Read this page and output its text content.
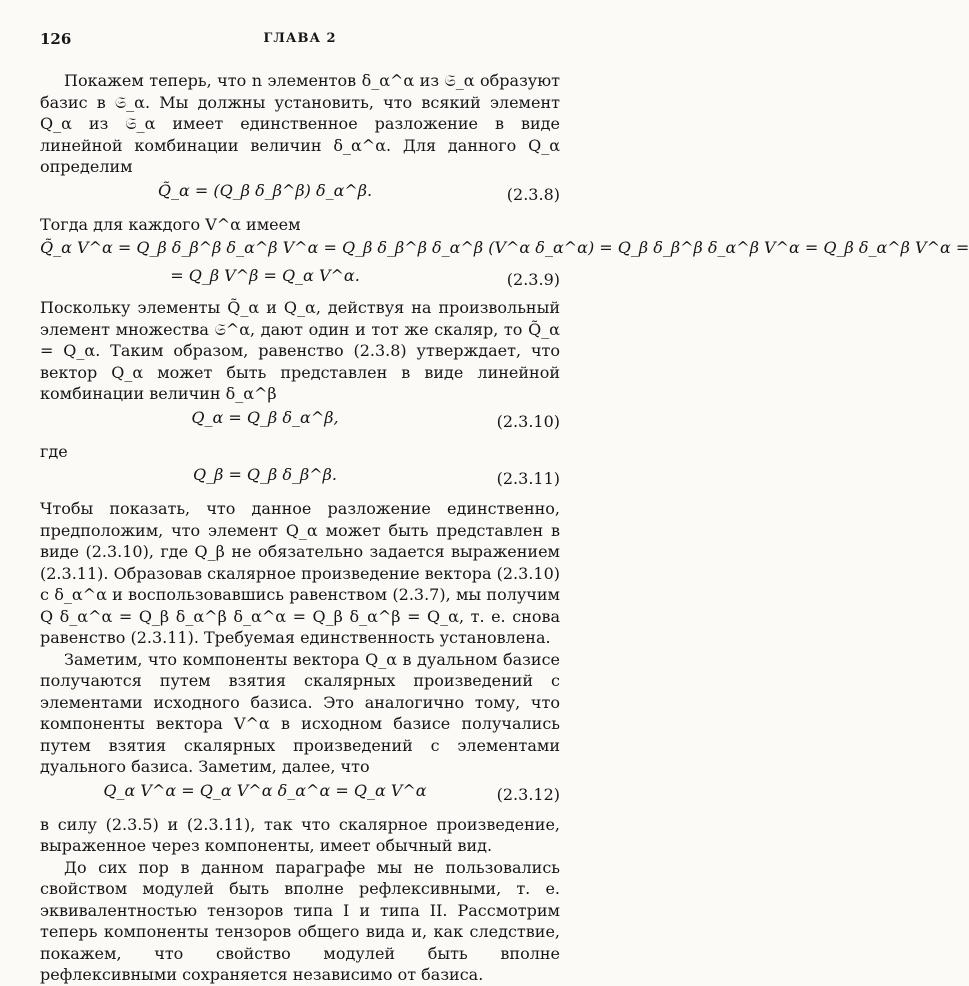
126	ГЛАВА 2

Покажем теперь, что n элементов δ_α^α из 𝔖_α образуют базис в 𝔖_α. Мы должны установить, что всякий элемент Q_α из 𝔖_α имеет единственное разложение в виде линейной комбинации величин δ_α^α. Для данного Q_α определим

Q̃_α = (Q_β δ_β^β) δ_α^β.	(2.3.8)

Тогда для каждого V^α имеем

Q̃_α V^α = Q_β δ_β^β δ_α^β V^α = Q_β δ_β^β δ_α^β (V^α δ_α^α) = Q_β δ_β^β δ_α^β V^α = Q_β δ_α^β V^α =
= Q_β V^β = Q_α V^α.	(2.3.9)

Поскольку элементы Q̃_α и Q_α, действуя на произвольный элемент множества 𝔖^α, дают один и тот же скаляр, то Q̃_α = Q_α. Таким образом, равенство (2.3.8) утверждает, что вектор Q_α может быть представлен в виде линейной комбинации величин δ_α^β

Q_α = Q_β δ_α^β,	(2.3.10)

где

Q_β = Q_β δ_β^β.	(2.3.11)

Чтобы показать, что данное разложение единственно, предположим, что элемент Q_α может быть представлен в виде (2.3.10), где Q_β не обязательно задается выражением (2.3.11). Образовав скалярное произведение вектора (2.3.10) с δ_α^α и воспользовавшись равенством (2.3.7), мы получим Q δ_α^α = Q_β δ_α^β δ_α^α = Q_β δ_α^β = Q_α, т. е. снова равенство (2.3.11). Требуемая единственность установлена.

Заметим, что компоненты вектора Q_α в дуальном базисе получаются путем взятия скалярных произведений с элементами исходного базиса. Это аналогично тому, что компоненты вектора V^α в исходном базисе получались путем взятия скалярных произведений с элементами дуального базиса. Заметим, далее, что

Q_α V^α = Q_α V^α δ_α^α = Q_α V^α	(2.3.12)

в силу (2.3.5) и (2.3.11), так что скалярное произведение, выраженное через компоненты, имеет обычный вид.

До сих пор в данном параграфе мы не пользовались свойством модулей быть вполне рефлексивными, т. е. эквивалентностью тензоров типа I и типа II. Рассмотрим теперь компоненты тензоров общего вида и, как следствие, покажем, что свойство модулей быть вполне рефлексивными сохраняется независимо от базиса.
